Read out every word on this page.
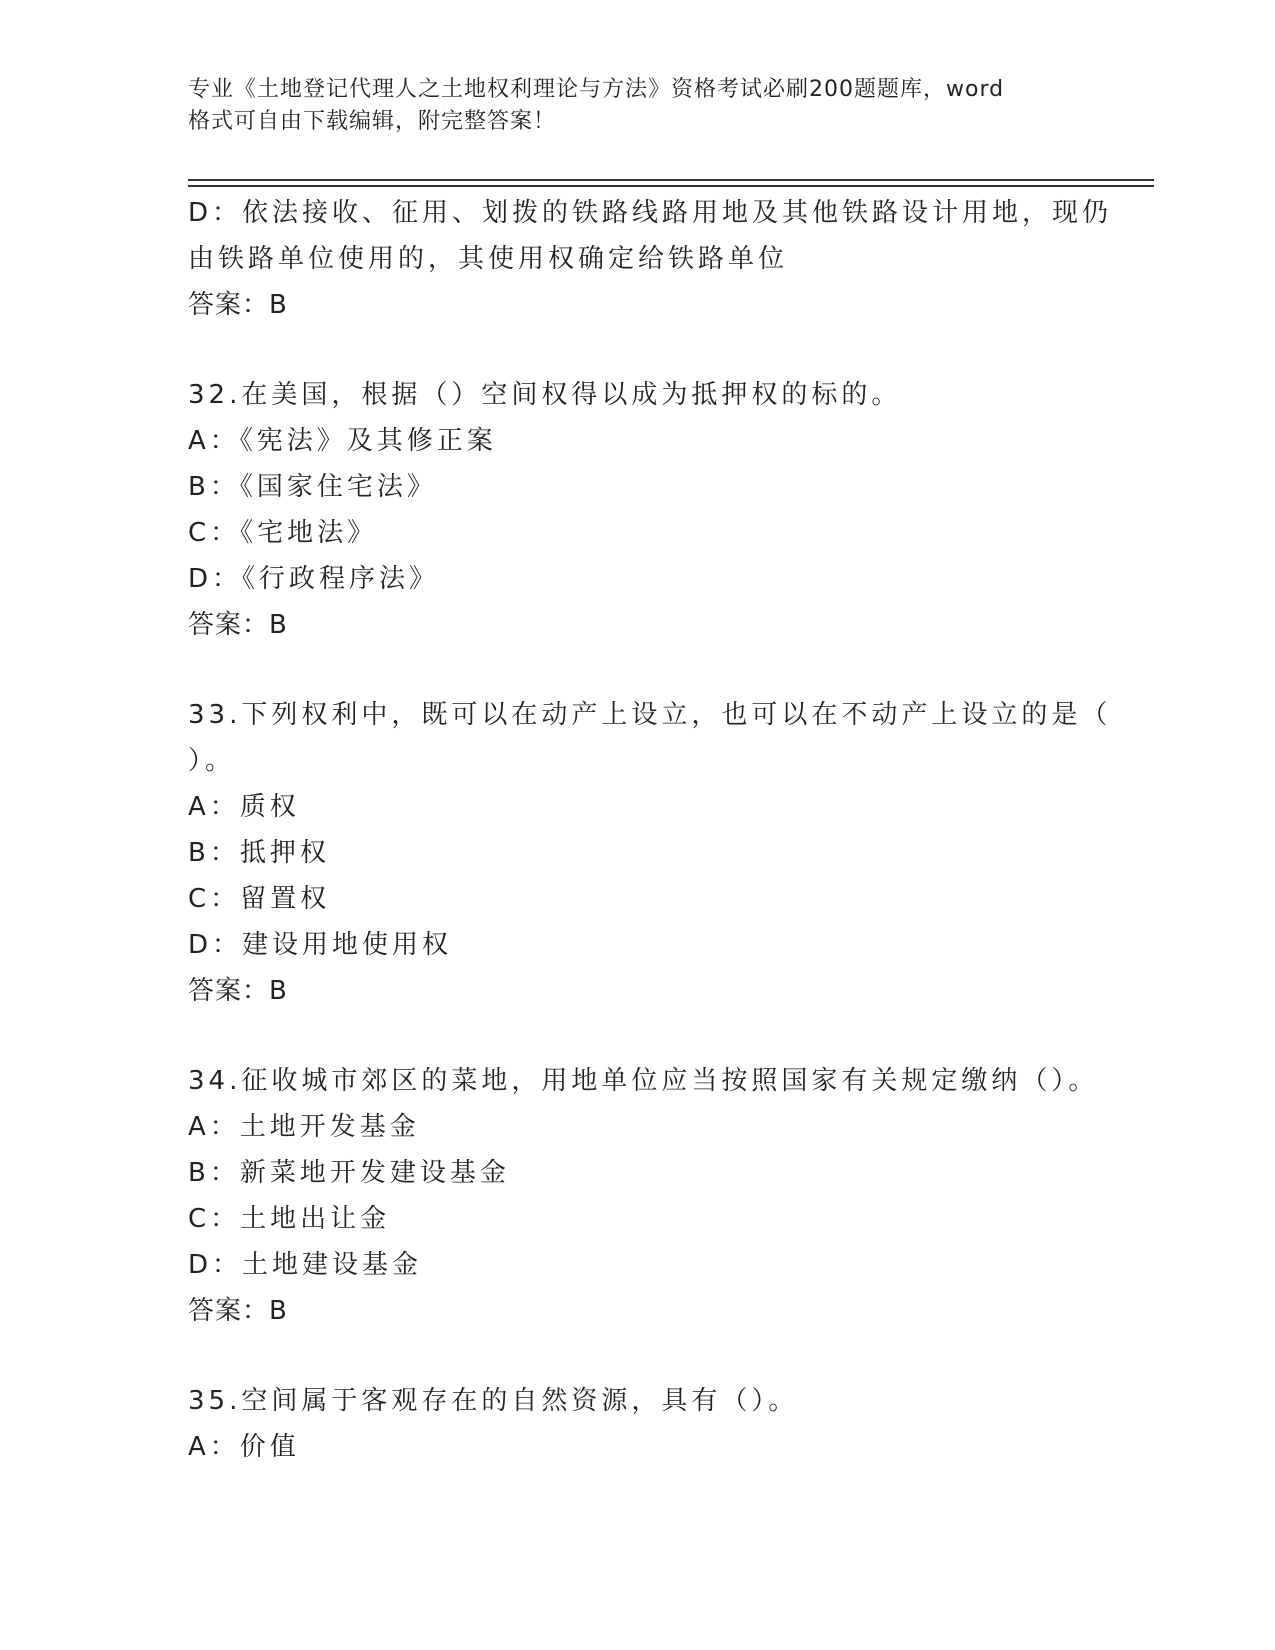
专业《土地登记代理人之土地权利理论与方法》资格考试必刷200题题库，word
格式可自由下载编辑，附完整答案！
D：依法接收、征用、划拨的铁路线路用地及其他铁路设计用地，现仍
由铁路单位使用的，其使用权确定给铁路单位
答案：B
32.在美国，根据（）空间权得以成为抵押权的标的。
A：《宪法》及其修正案
B：《国家住宅法》
C：《宅地法》
D：《行政程序法》
答案：B
33.下列权利中，既可以在动产上设立，也可以在不动产上设立的是（
）。
A：质权
B：抵押权
C：留置权
D：建设用地使用权
答案：B
34.征收城市郊区的菜地，用地单位应当按照国家有关规定缴纳（）。
A：土地开发基金
B：新菜地开发建设基金
C：土地出让金
D：土地建设基金
答案：B
35.空间属于客观存在的自然资源，具有（）。
A：价值
